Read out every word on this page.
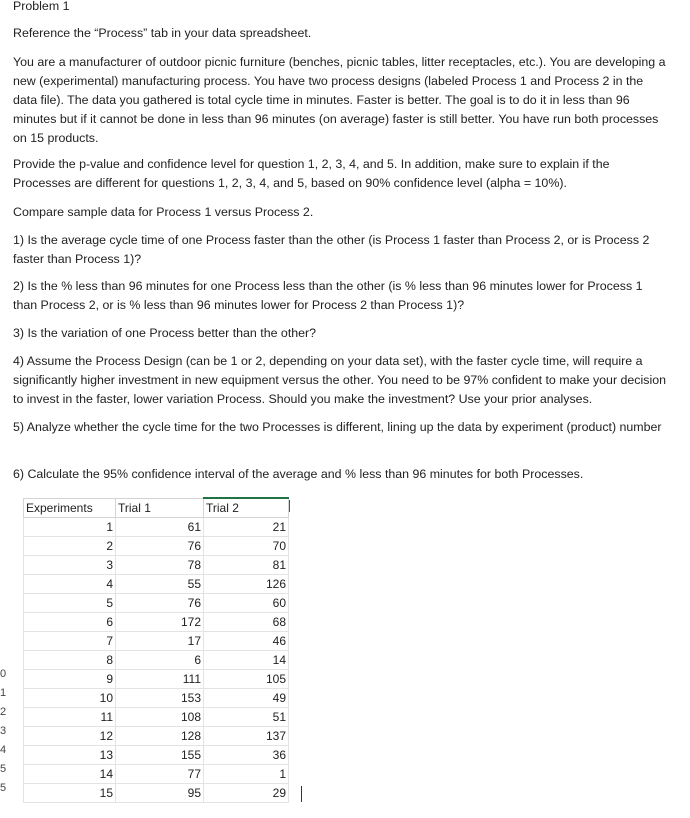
Problem 1

Reference the “Process” tab in your data spreadsheet.

You are a manufacturer of outdoor picnic furniture (benches, picnic tables, litter receptacles, etc.). You are developing a new (experimental) manufacturing process. You have two process designs (labeled Process 1 and Process 2 in the data file). The data you gathered is total cycle time in minutes. Faster is better. The goal is to do it in less than 96 minutes but if it cannot be done in less than 96 minutes (on average) faster is still better. You have run both processes on 15 products.

Provide the p-value and confidence level for question 1, 2, 3, 4, and 5. In addition, make sure to explain if the Processes are different for questions 1, 2, 3, 4, and 5, based on 90% confidence level (alpha = 10%).

Compare sample data for Process 1 versus Process 2.

1) Is the average cycle time of one Process faster than the other (is Process 1 faster than Process 2, or is Process 2 faster than Process 1)?

2) Is the % less than 96 minutes for one Process less than the other (is % less than 96 minutes lower for Process 1 than Process 2, or is % less than 96 minutes lower for Process 2 than Process 1)?

3) Is the variation of one Process better than the other?

4) Assume the Process Design (can be 1 or 2, depending on your data set), with the faster cycle time, will require a significantly higher investment in new equipment versus the other. You need to be 97% confident to make your decision to invest in the faster, lower variation Process. Should you make the investment? Use your prior analyses.

5) Analyze whether the cycle time for the two Processes is different, lining up the data by experiment (product) number

6) Calculate the 95% confidence interval of the average and % less than 96 minutes for both Processes.

0
1
2
3
4
5
5
Experiments	Trial 1	Trial 2
1	61	21
2	76	70
3	78	81
4	55	126
5	76	60
6	172	68
7	17	46
8	6	14
9	111	105
10	153	49
11	108	51
12	128	137
13	155	36
14	77	1
15	95	29
